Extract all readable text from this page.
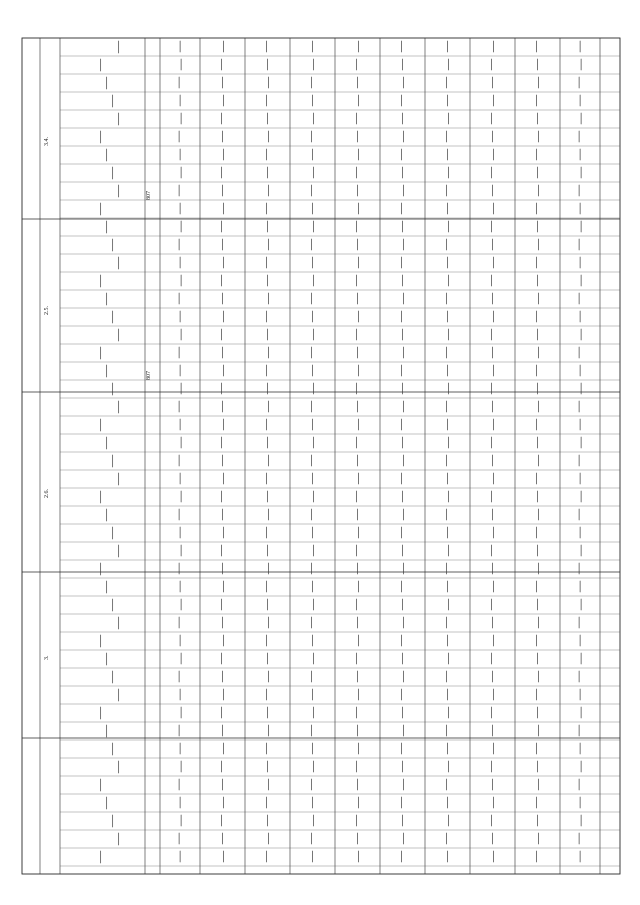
3.4.
2.5.
2.6.
3.
807
807
